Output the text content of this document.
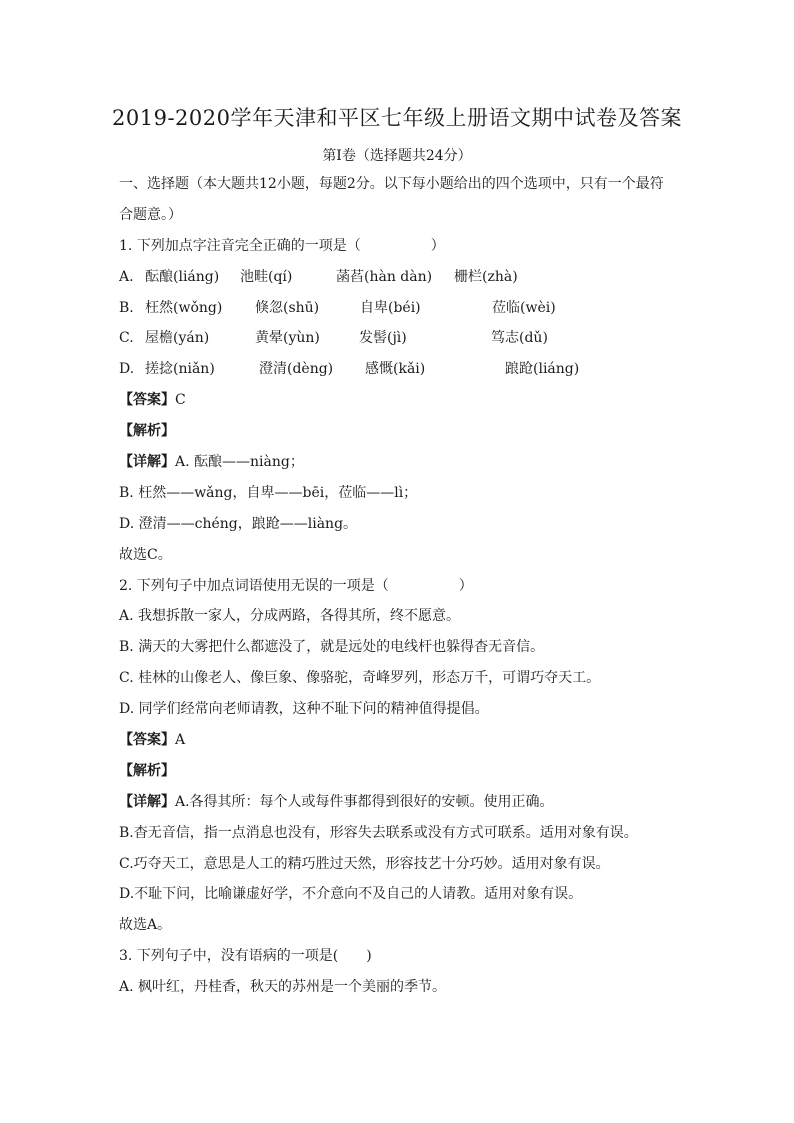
2019-2020学年天津和平区七年级上册语文期中试卷及答案
第Ⅰ卷（选择题共24分）
一、选择题（本大题共12小题，每题2分。以下每小题给出的四个选项中，只有一个最符
合题意。）
1. 下列加点字注音完全正确的一项是（　　　　　）
A. 酝酿(liáng)	池畦(qí)	菡萏(hàn dàn)	栅栏(zhà)
B. 枉然(wǒng)	倏忽(shū)	自卑(béi)	莅临(wèi)
C. 屋檐(yán)	黄晕(yùn)	发髻(jì)	笃志(dǔ)
D. 搓捻(niǎn)	澄清(dèng)	感慨(kǎi)	踉跄(liáng)
【答案】C
【解析】
【详解】A. 酝酿——niàng；
B. 枉然——wǎng，自卑——bēi，莅临——lì；
D. 澄清——chéng，踉跄——liàng。
故选C。
2. 下列句子中加点词语使用无误的一项是（　　　　　）
A. 我想拆散一家人，分成两路，各得其所，终不愿意。
B. 满天的大雾把什么都遮没了，就是远处的电线杆也躲得杳无音信。
C. 桂林的山像老人、像巨象、像骆驼，奇峰罗列，形态万千，可谓巧夺天工。
D. 同学们经常向老师请教，这种不耻下问的精神值得提倡。
【答案】A
【解析】
【详解】A.各得其所：每个人或每件事都得到很好的安顿。使用正确。
B.杳无音信，指一点消息也没有，形容失去联系或没有方式可联系。适用对象有误。
C.巧夺天工，意思是人工的精巧胜过天然，形容技艺十分巧妙。适用对象有误。
D.不耻下问，比喻谦虚好学，不介意向不及自己的人请教。适用对象有误。
故选A。
3. 下列句子中，没有语病的一项是(　　)
A. 枫叶红，丹桂香，秋天的苏州是一个美丽的季节。
